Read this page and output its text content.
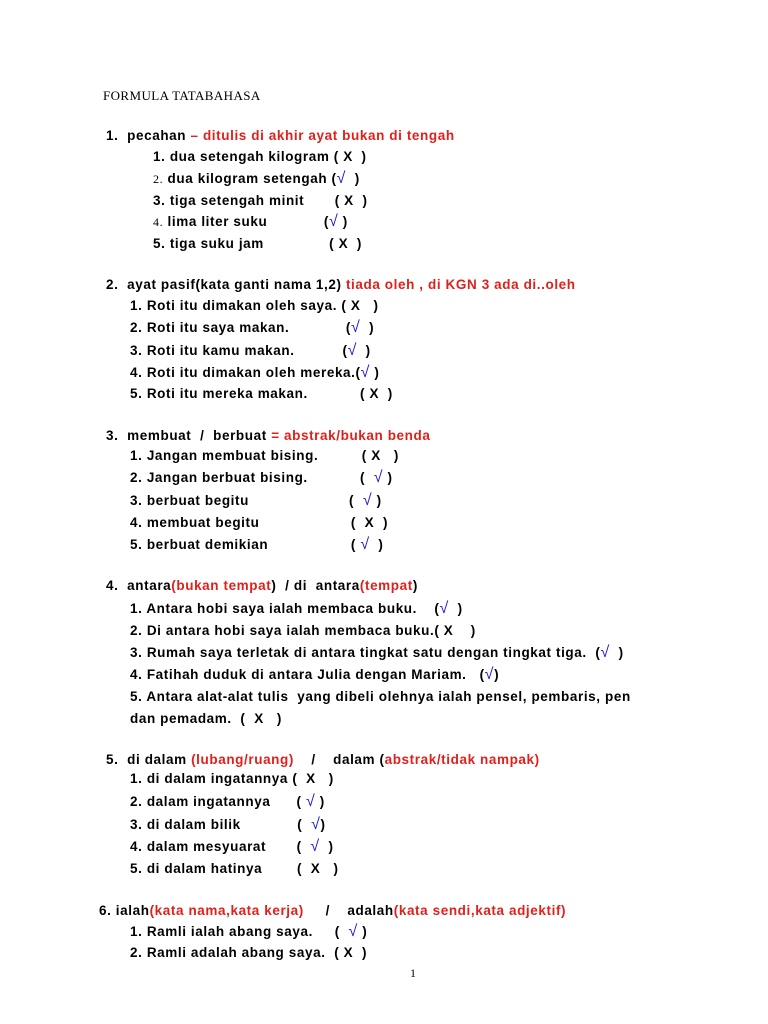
FORMULA TATABAHASA
1.  pecahan – ditulis di akhir ayat bukan di tengah
1. dua setengah kilogram ( X  )
2. dua kilogram setengah (√  )
3. tiga setengah minit       ( X  )
4. lima liter suku             (√ )
5. tiga suku jam               ( X  )
2.  ayat pasif(kata ganti nama 1,2) tiada oleh , di KGN 3 ada di..oleh
1. Roti itu dimakan oleh saya. ( X   )
2. Roti itu saya makan.             (√  )
3. Roti itu kamu makan.           (√  )
4. Roti itu dimakan oleh mereka.(√ )
5. Roti itu mereka makan.            ( X  )
3.  membuat  /  berbuat = abstrak/bukan benda
1. Jangan membuat bising.          ( X   )
2. Jangan berbuat bising.            (  √ )
3. berbuat begitu                       (  √ )
4. membuat begitu                     (  X  )
5. berbuat demikian                   ( √  )
4.  antara(bukan tempat)  / di  antara(tempat)
1. Antara hobi saya ialah membaca buku.    (√  )
2. Di antara hobi saya ialah membaca buku.( X    )
3. Rumah saya terletak di antara tingkat satu dengan tingkat tiga.  (√  )
4. Fatihah duduk di antara Julia dengan Mariam.   (√)
5. Antara alat-alat tulis  yang dibeli olehnya ialah pensel, pembaris, pen
dan pemadam.  (  X   )
5.  di dalam (lubang/ruang)    /    dalam (abstrak/tidak nampak)
1. di dalam ingatannya (  X   )
2. dalam ingatannya      ( √ )
3. di dalam bilik             (  √)
4. dalam mesyuarat       (  √  )
5. di dalam hatinya        (  X   )
6. ialah(kata nama,kata kerja)     /    adalah(kata sendi,kata adjektif)
1. Ramli ialah abang saya.     (  √ )
2. Ramli adalah abang saya.  ( X  )
1
